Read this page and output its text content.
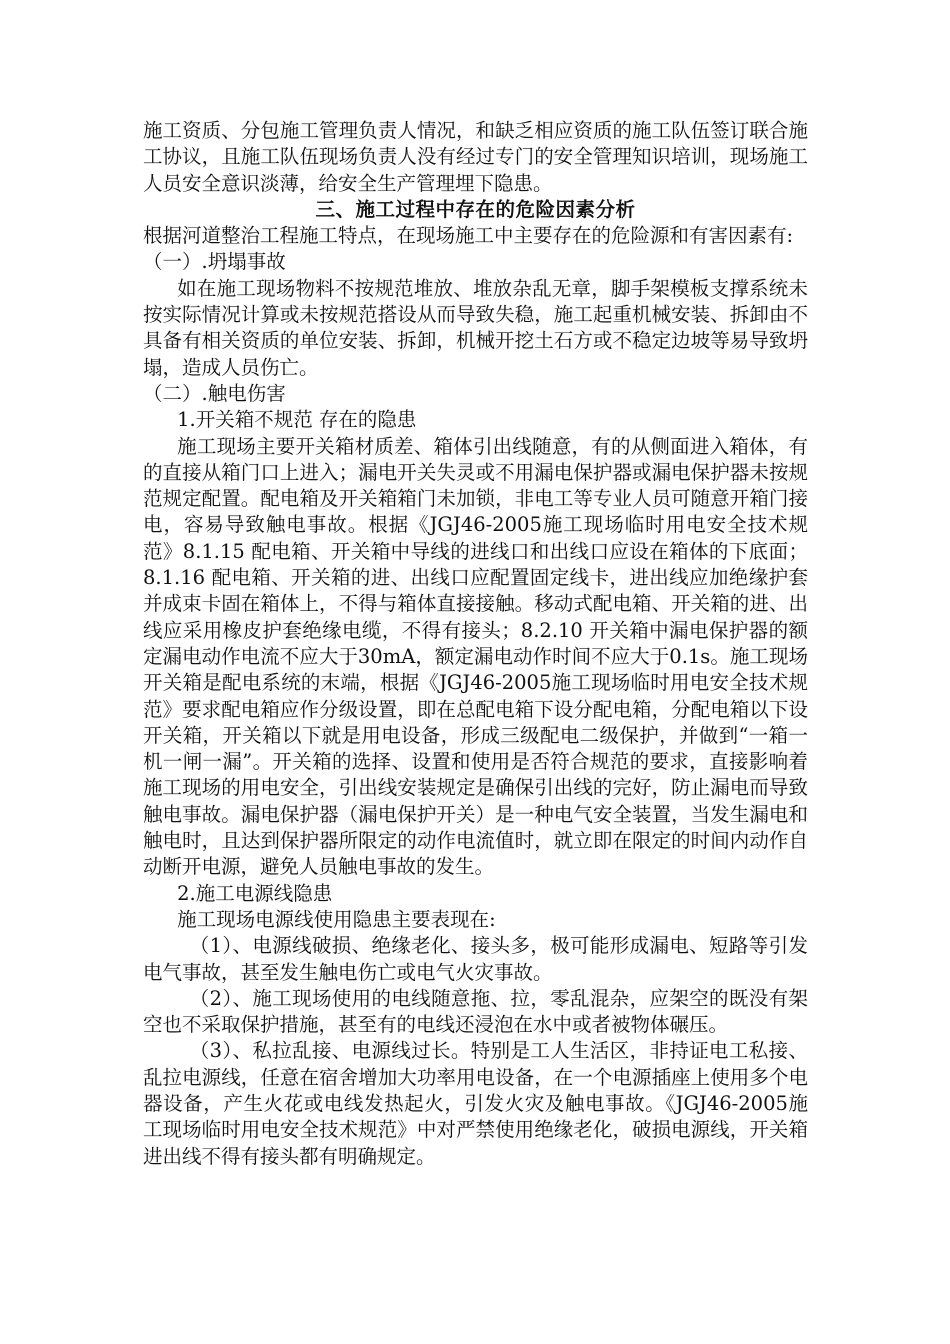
施工资质、分包施工管理负责人情况，和缺乏相应资质的施工队伍签订联合施工协议，且施工队伍现场负责人没有经过专门的安全管理知识培训，现场施工人员安全意识淡薄，给安全生产管理埋下隐患。

三、施工过程中存在的危险因素分析

根据河道整治工程施工特点，在现场施工中主要存在的危险源和有害因素有:

（一）.坍塌事故

如在施工现场物料不按规范堆放、堆放杂乱无章，脚手架模板支撑系统未按实际情况计算或未按规范搭设从而导致失稳，施工起重机械安装、拆卸由不具备有相关资质的单位安装、拆卸，机械开挖土石方或不稳定边坡等易导致坍塌，造成人员伤亡。

（二）.触电伤害

1.开关箱不规范 存在的隐患

施工现场主要开关箱材质差、箱体引出线随意，有的从侧面进入箱体，有的直接从箱门口上进入；漏电开关失灵或不用漏电保护器或漏电保护器未按规范规定配置。配电箱及开关箱箱门未加锁，非电工等专业人员可随意开箱门接电，容易导致触电事故。根据《JGJ46-2005施工现场临时用电安全技术规范》8.1.15 配电箱、开关箱中导线的进线口和出线口应设在箱体的下底面；8.1.16 配电箱、开关箱的进、出线口应配置固定线卡，进出线应加绝缘护套并成束卡固在箱体上，不得与箱体直接接触。移动式配电箱、开关箱的进、出线应采用橡皮护套绝缘电缆，不得有接头；8.2.10 开关箱中漏电保护器的额定漏电动作电流不应大于30mA，额定漏电动作时间不应大于0.1s。施工现场开关箱是配电系统的末端，根据《JGJ46-2005施工现场临时用电安全技术规范》要求配电箱应作分级设置，即在总配电箱下设分配电箱，分配电箱以下设开关箱，开关箱以下就是用电设备，形成三级配电二级保护，并做到“一箱一机一闸一漏”。开关箱的选择、设置和使用是否符合规范的要求，直接影响着施工现场的用电安全，引出线安装规定是确保引出线的完好，防止漏电而导致触电事故。漏电保护器（漏电保护开关）是一种电气安全装置，当发生漏电和触电时，且达到保护器所限定的动作电流值时，就立即在限定的时间内动作自动断开电源，避免人员触电事故的发生。

2.施工电源线隐患

施工现场电源线使用隐患主要表现在:

（1）、电源线破损、绝缘老化、接头多，极可能形成漏电、短路等引发电气事故，甚至发生触电伤亡或电气火灾事故。

（2）、施工现场使用的电线随意拖、拉，零乱混杂，应架空的既没有架空也不采取保护措施，甚至有的电线还浸泡在水中或者被物体碾压。

（3）、私拉乱接、电源线过长。特别是工人生活区，非持证电工私接、乱拉电源线，任意在宿舍增加大功率用电设备，在一个电源插座上使用多个电器设备，产生火花或电线发热起火，引发火灾及触电事故。《JGJ46-2005施工现场临时用电安全技术规范》中对严禁使用绝缘老化，破损电源线，开关箱进出线不得有接头都有明确规定。
